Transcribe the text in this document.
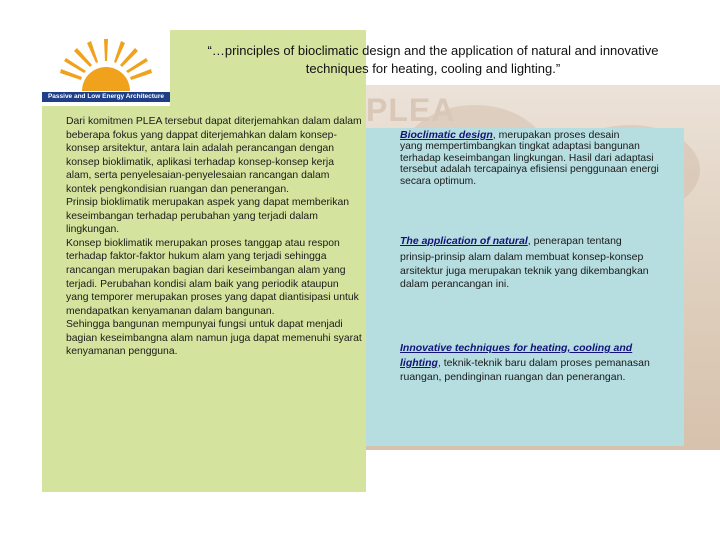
PLEA
Passive and Low Energy Architecture
“…principles of bioclimatic design and the application of natural and innovative
techniques for heating, cooling and lighting.”

Dari komitmen PLEA tersebut dapat diterjemahkan dalam dalam beberapa fokus yang dappat diterjemahkan dalam konsep-konsep arsitektur, antara lain adalah perancangan dengan konsep bioklimatik, aplikasi terhadap konsep-konsep kerja alam, serta penyelesaian-penyelesaian rancangan dalam kontek pengkondisian ruangan dan penerangan.

Prinsip bioklimatik merupakan aspek yang dapat memberikan keseimbangan terhadap perubahan yang terjadi dalam lingkungan.

Konsep bioklimatik merupakan proses tanggap atau respon terhadap faktor-faktor hukum alam yang terjadi sehingga rancangan merupakan bagian dari keseimbangan alam yang terjadi. Perubahan kondisi alam baik yang periodik ataupun yang temporer merupakan proses yang dapat diantisipasi untuk mendapatkan kenyamanan dalam bangunan.

Sehingga bangunan mempunyai fungsi untuk dapat menjadi bagian keseimbangna alam namun juga dapat memenuhi syarat kenyamanan pengguna.

Bioclimatic design, merupakan proses desain

yang mempertimbangkan tingkat adaptasi bangunan terhadap keseimbangan lingkungan. Hasil dari adaptasi tersebut adalah tercapainya efisiensi penggunaan energi secara optimum.

The application of natural, penerapan tentang

prinsip-prinsip alam dalam membuat konsep-konsep arsitektur juga merupakan teknik yang dikembangkan dalam perancangan ini.

Innovative techniques for heating, cooling and lighting, teknik-teknik baru dalam proses pemanasan ruangan, pendinginan ruangan dan penerangan.
